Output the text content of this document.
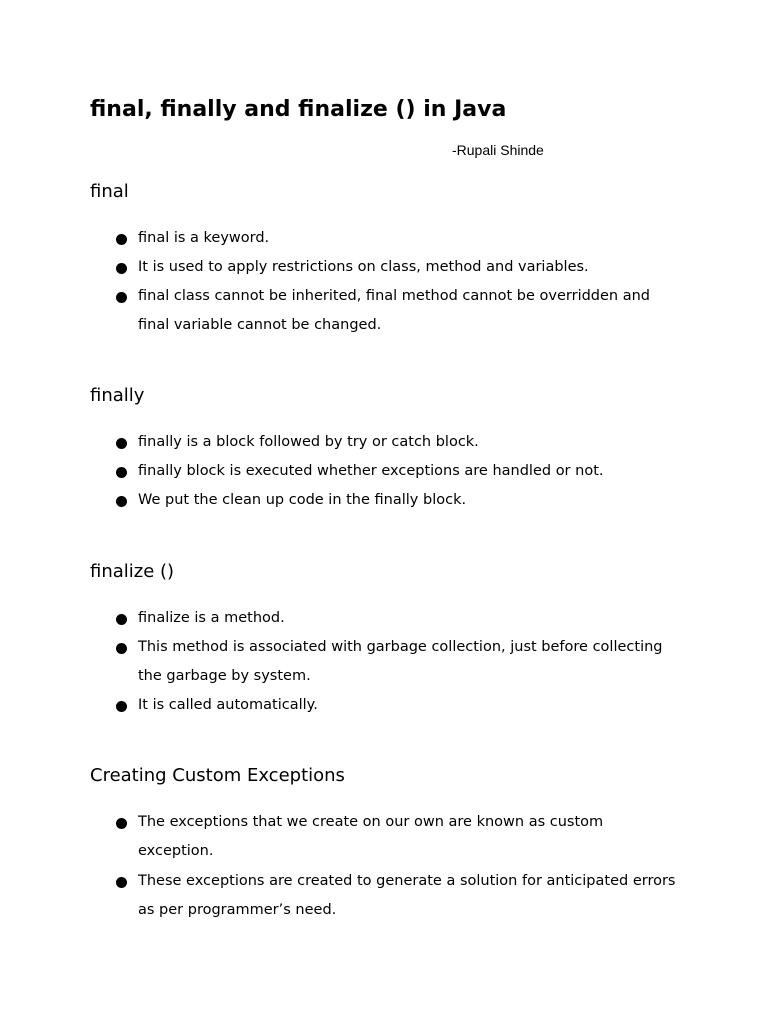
final, finally and finalize () in Java
-Rupali Shinde
final
final is a keyword.
It is used to apply restrictions on class, method and variables.
final class cannot be inherited, final method cannot be overridden and final variable cannot be changed.
finally
finally is a block followed by try or catch block.
finally block is executed whether exceptions are handled or not.
We put the clean up code in the finally block.
finalize ()
finalize is a method.
This method is associated with garbage collection, just before collecting the garbage by system.
It is called automatically.
Creating Custom Exceptions
The exceptions that we create on our own are known as custom exception.
These exceptions are created to generate a solution for anticipated errors as per programmer’s need.
